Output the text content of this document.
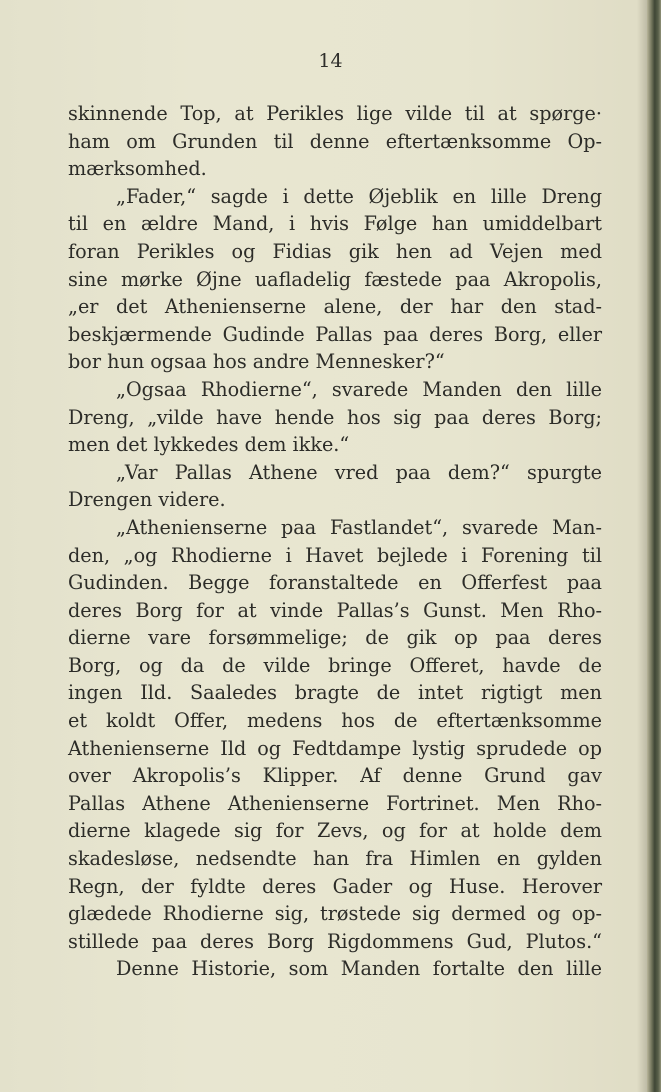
14
skinnende Top, at Perikles lige vilde til at spørge·
ham om Grunden til denne eftertænksomme Op-
mærksomhed.
„Fader,“ sagde i dette Øjeblik en lille Dreng
til en ældre Mand, i hvis Følge han umiddelbart
foran Perikles og Fidias gik hen ad Vejen med
sine mørke Øjne uafladelig fæstede paa Akropolis,
„er det Athenienserne alene, der har den stad-
beskjærmende Gudinde Pallas paa deres Borg, eller
bor hun ogsaa hos andre Mennesker?“
„Ogsaa Rhodierne“, svarede Manden den lille
Dreng, „vilde have hende hos sig paa deres Borg;
men det lykkedes dem ikke.“
„Var Pallas Athene vred paa dem?“ spurgte
Drengen videre.
„Athenienserne paa Fastlandet“, svarede Man-
den, „og Rhodierne i Havet bejlede i Forening til
Gudinden. Begge foranstaltede en Offerfest paa
deres Borg for at vinde Pallas’s Gunst. Men Rho-
dierne vare forsømmelige; de gik op paa deres
Borg, og da de vilde bringe Offeret, havde de
ingen Ild. Saaledes bragte de intet rigtigt men
et koldt Offer, medens hos de eftertænksomme
Athenienserne Ild og Fedtdampe lystig sprudede op
over Akropolis’s Klipper. Af denne Grund gav
Pallas Athene Athenienserne Fortrinet. Men Rho-
dierne klagede sig for Zevs, og for at holde dem
skadesløse, nedsendte han fra Himlen en gylden
Regn, der fyldte deres Gader og Huse. Herover
glædede Rhodierne sig, trøstede sig dermed og op-
stillede paa deres Borg Rigdommens Gud, Plutos.“
Denne Historie, som Manden fortalte den lille
